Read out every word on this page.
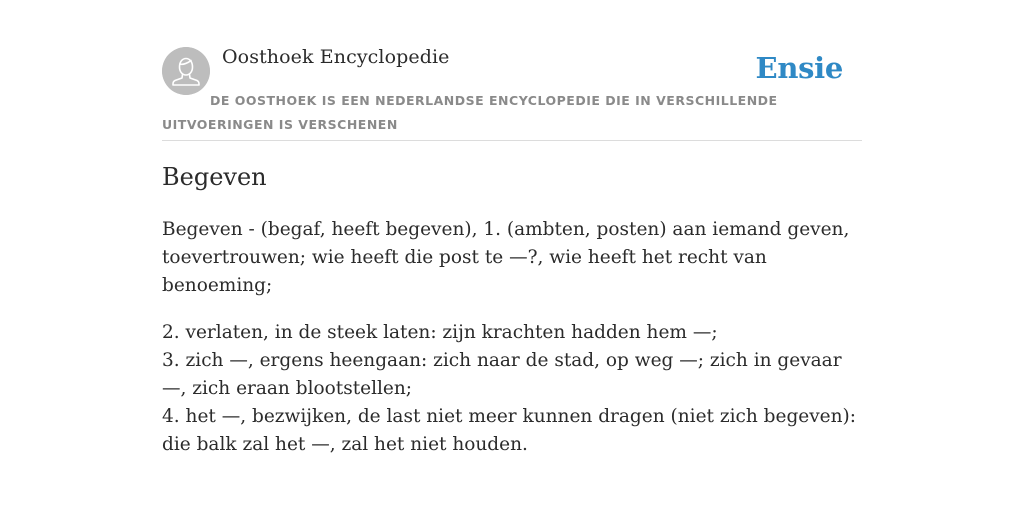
Oosthoek Encyclopedie	Ensie
DE OOSTHOEK IS EEN NEDERLANDSE ENCYCLOPEDIE DIE IN VERSCHILLENDE UITVOERINGEN IS VERSCHENEN
Begeven

Begeven - (begaf, heeft begeven), 1. (ambten, posten) aan iemand geven, toevertrouwen; wie heeft die post te —?, wie heeft het recht van benoeming;

2. verlaten, in de steek laten: zijn krachten hadden hem —;
3. zich —, ergens heengaan: zich naar de stad, op weg —; zich in gevaar —, zich eraan blootstellen;
4. het —, bezwijken, de last niet meer kunnen dragen (niet zich begeven): die balk zal het —, zal het niet houden.
